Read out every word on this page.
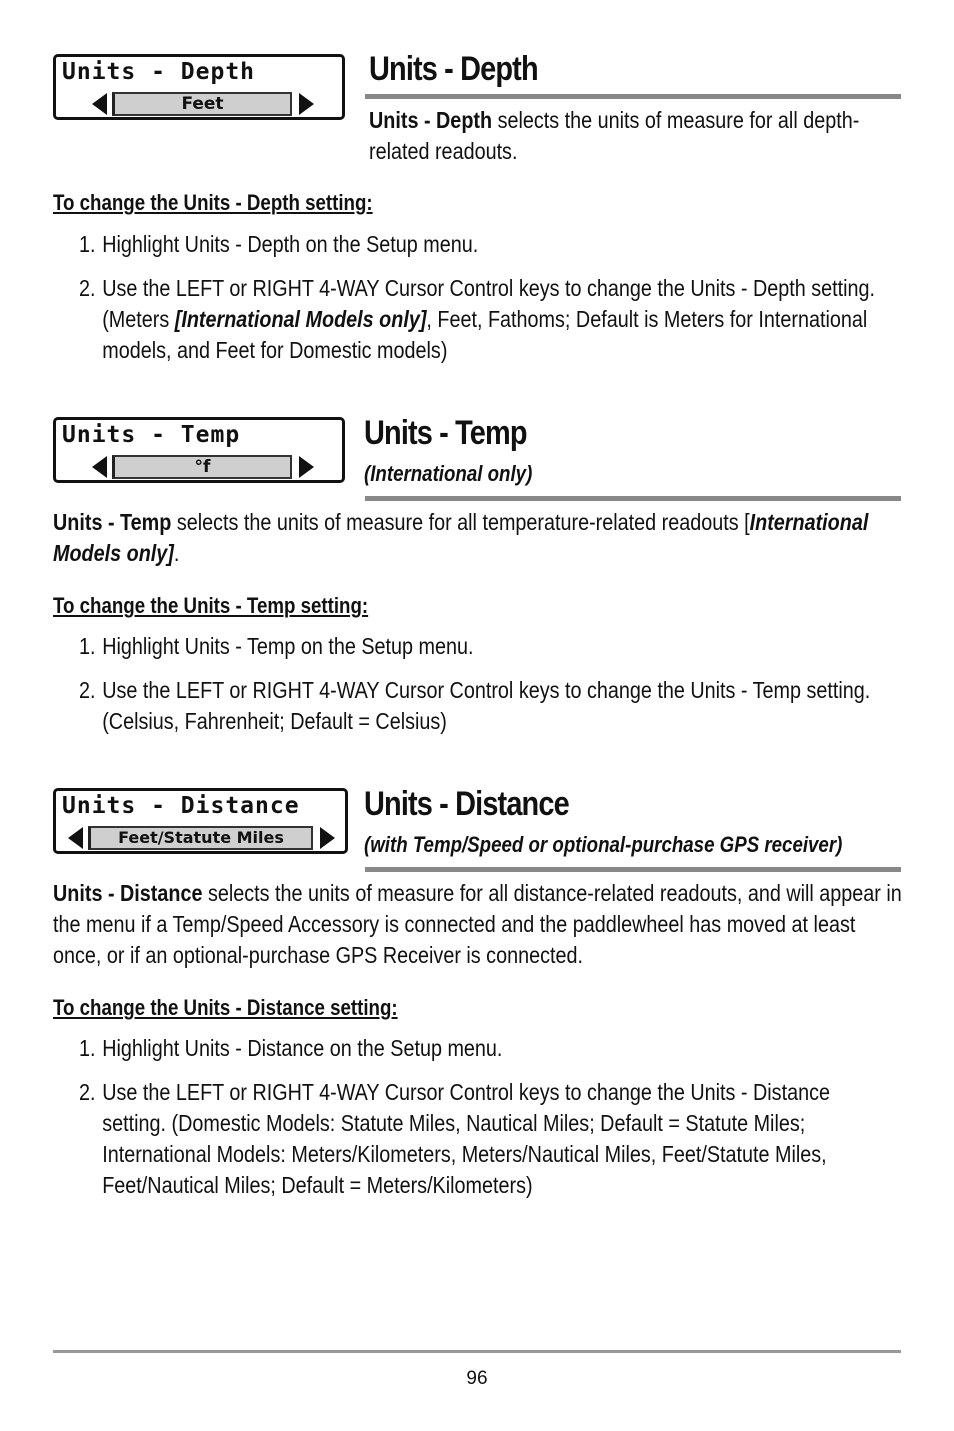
Units - Depth
Feet
Units - Depth
Units - Depth selects the units of measure for all depth-related readouts.
To change the Units - Depth setting:
1. Highlight Units - Depth on the Setup menu.
2. Use the LEFT or RIGHT 4-WAY Cursor Control keys to change the Units - Depth setting. (Meters [International Models only], Feet, Fathoms; Default is Meters for International models, and Feet for Domestic models)
Units - Temp
°f
Units - Temp
(International only)
Units - Temp selects the units of measure for all temperature-related readouts [International Models only].
To change the Units - Temp setting:
1. Highlight Units - Temp on the Setup menu.
2. Use the LEFT or RIGHT 4-WAY Cursor Control keys to change the Units - Temp setting. (Celsius, Fahrenheit; Default = Celsius)
Units - Distance
Feet/Statute Miles
Units - Distance
(with Temp/Speed or optional-purchase GPS receiver)
Units - Distance selects the units of measure for all distance-related readouts, and will appear in the menu if a Temp/Speed Accessory is connected and the paddlewheel has moved at least once, or if an optional-purchase GPS Receiver is connected.
To change the Units - Distance setting:
1. Highlight Units - Distance on the Setup menu.
2. Use the LEFT or RIGHT 4-WAY Cursor Control keys to change the Units - Distance setting. (Domestic Models: Statute Miles, Nautical Miles; Default = Statute Miles; International Models: Meters/Kilometers, Meters/Nautical Miles, Feet/Statute Miles, Feet/Nautical Miles; Default = Meters/Kilometers)
96
